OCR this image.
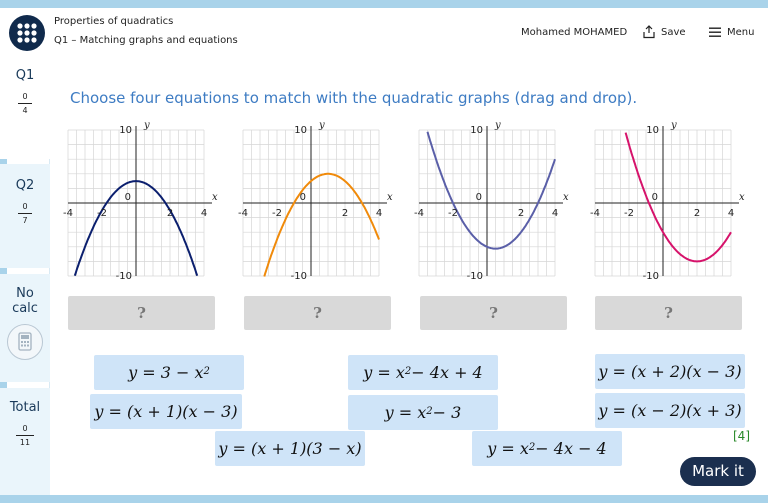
Properties of quadratics
Q1 – Matching graphs and equations
Mohamed MOHAMED	Save	Menu
Q1
0
4
Q2
0
7
No
calc
Total
0
11
Choose four equations to match with the quadratic graphs (drag and drop).
10
-10
0
y
x
-4 -2	2	4
10
-10
0
y
x
-4 -2	2	4
10
-10
0
y
x
-4 -2	2	4
10
-10
0
y
x
-4 -2	2	4
?	?	?	?
$y = 3 - x^2$	$y = x^2 - 4x + 4$	y = (x + 2)(x − 3)
y = (x + 1)(x − 3)	$y = x^2 - 3$	y = (x − 2)(x + 3)
y = (x + 1)(3 − x)	$y = x^2 - 4x - 4$
[4]
Mark it
